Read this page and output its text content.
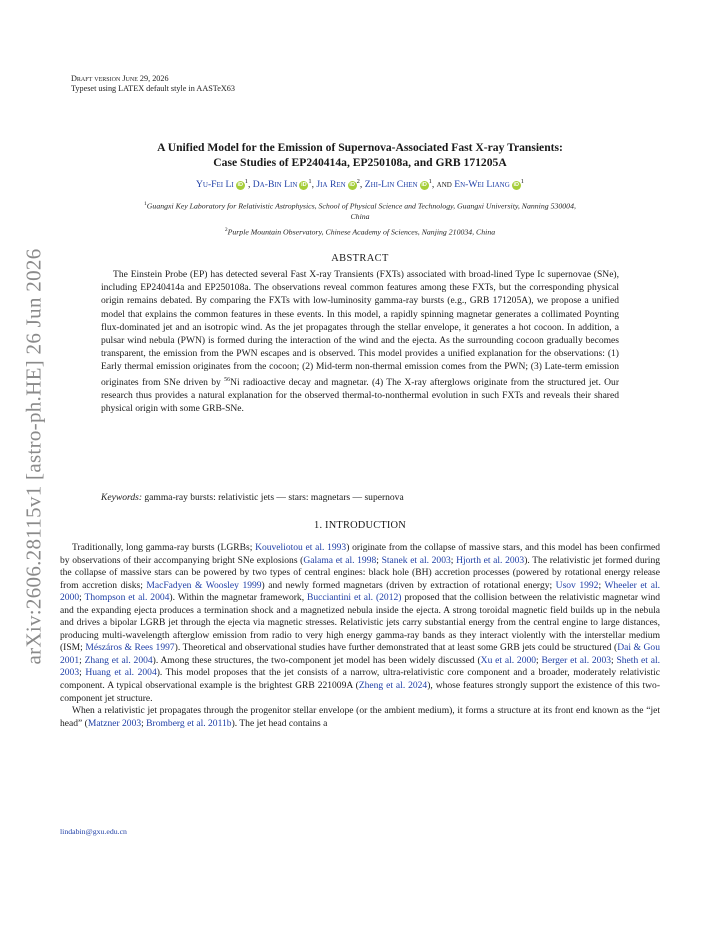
arXiv:2606.28115v1 [astro-ph.HE] 26 Jun 2026
Draft version June 29, 2026
Typeset using LATEX default style in AASTeX63
A Unified Model for the Emission of Supernova-Associated Fast X-ray Transients:
Case Studies of EP240414a, EP250108a, and GRB 171205A
Yu-Fei Li $iD^1$, Da-Bin Lin $iD^1$, Jia Ren $iD^2$, Zhi-Lin Chen $iD^1$, and En-Wei Liang $iD^1$
$^1$Guangxi Key Laboratory for Relativistic Astrophysics, School of Physical Science and Technology, Guangxi University, Nanning 530004,
China
$^2$Purple Mountain Observatory, Chinese Academy of Sciences, Nanjing 210034, China
ABSTRACT

The Einstein Probe (EP) has detected several Fast X-ray Transients (FXTs) associated with broad-lined Type Ic supernovae (SNe), including EP240414a and EP250108a. The observations reveal common features among these FXTs, but the corresponding physical origin remains debated. By comparing the FXTs with low-luminosity gamma-ray bursts (e.g., GRB 171205A), we propose a unified model that explains the common features in these events. In this model, a rapidly spinning magnetar generates a collimated Poynting flux-dominated jet and an isotropic wind. As the jet propagates through the stellar envelope, it generates a hot cocoon. In addition, a pulsar wind nebula (PWN) is formed during the interaction of the wind and the ejecta. As the surrounding cocoon gradually becomes transparent, the emission from the PWN escapes and is observed. This model provides a unified explanation for the observations: (1) Early thermal emission originates from the cocoon; (2) Mid-term non-thermal emission comes from the PWN; (3) Late-term emission originates from SNe driven by $^{56}$Ni radioactive decay and magnetar. (4) The X-ray afterglows originate from the structured jet. Our research thus provides a natural explanation for the observed thermal-to-nonthermal evolution in such FXTs and reveals their shared physical origin with some GRB-SNe.

Keywords: gamma-ray bursts: relativistic jets — stars: magnetars — supernova
1. INTRODUCTION

Traditionally, long gamma-ray bursts (LGRBs; Kouveliotou et al. 1993) originate from the collapse of massive stars, and this model has been confirmed by observations of their accompanying bright SNe explosions (Galama et al. 1998; Stanek et al. 2003; Hjorth et al. 2003). The relativistic jet formed during the collapse of massive stars can be powered by two types of central engines: black hole (BH) accretion processes (powered by rotational energy release from accretion disks; MacFadyen & Woosley 1999) and newly formed magnetars (driven by extraction of rotational energy; Usov 1992; Wheeler et al. 2000; Thompson et al. 2004). Within the magnetar framework, Bucciantini et al. (2012) proposed that the collision between the relativistic magnetar wind and the expanding ejecta produces a termination shock and a magnetized nebula inside the ejecta. A strong toroidal magnetic field builds up in the nebula and drives a bipolar LGRB jet through the ejecta via magnetic stresses. Relativistic jets carry substantial energy from the central engine to large distances, producing multi-wavelength afterglow emission from radio to very high energy gamma-ray bands as they interact violently with the interstellar medium (ISM; Mészáros & Rees 1997). Theoretical and observational studies have further demonstrated that at least some GRB jets could be structured (Dai & Gou 2001; Zhang et al. 2004). Among these structures, the two-component jet model has been widely discussed (Xu et al. 2000; Berger et al. 2003; Sheth et al. 2003; Huang et al. 2004). This model proposes that the jet consists of a narrow, ultra-relativistic core component and a broader, moderately relativistic component. A typical observational example is the brightest GRB 221009A (Zheng et al. 2024), whose features strongly support the existence of this two-component jet structure.

When a relativistic jet propagates through the progenitor stellar envelope (or the ambient medium), it forms a structure at its front end known as the “jet head” (Matzner 2003; Bromberg et al. 2011b). The jet head contains a

lindabin@gxu.edu.cn
